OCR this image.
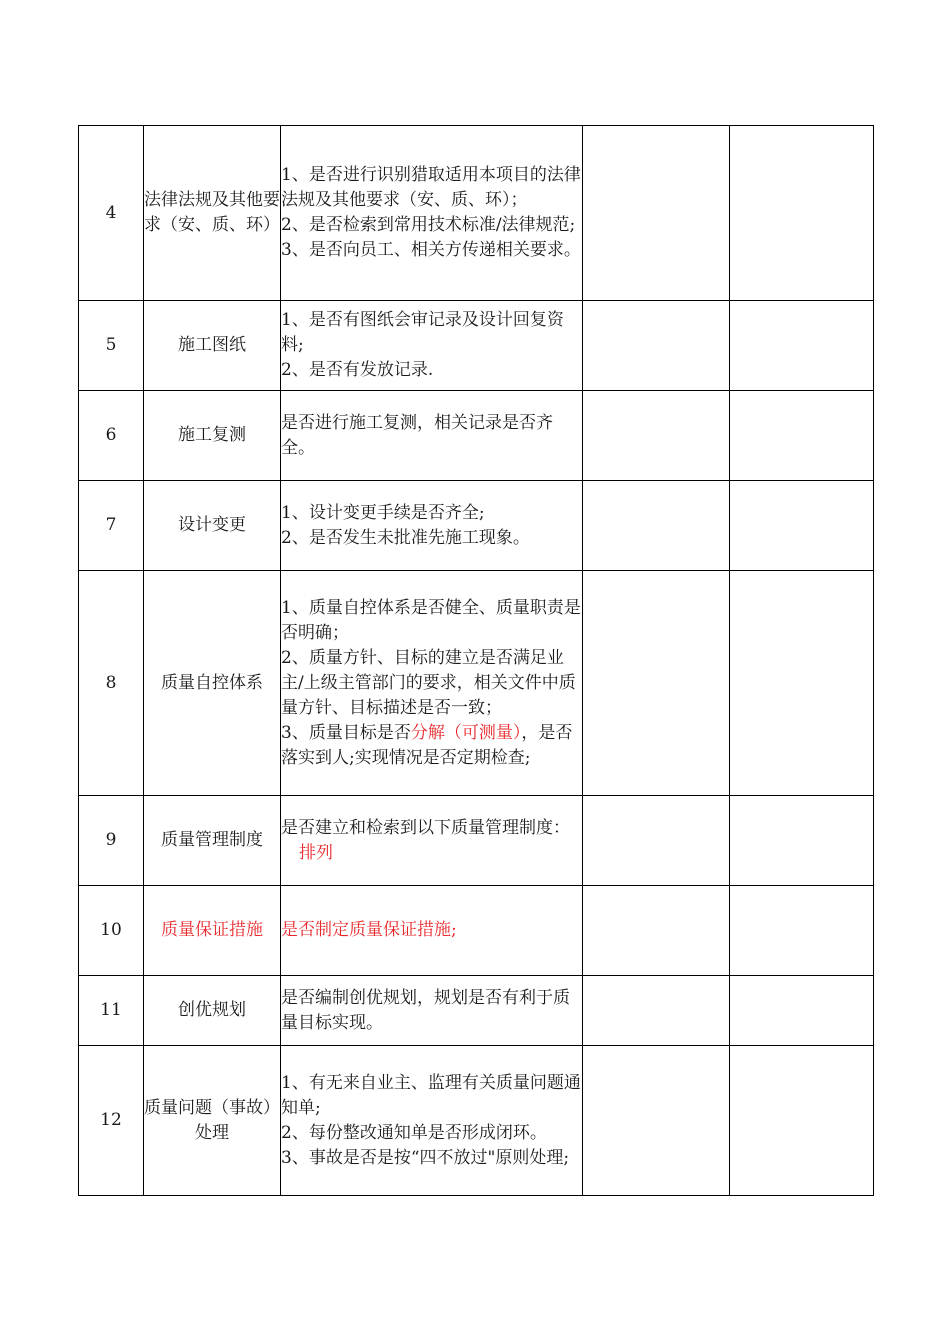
4	法律法规及其他要求（安、质、环）	1、是否进行识别猎取适用本项目的法律法规及其他要求（安、质、环）；
2、是否检索到常用技术标准/法律规范;
3、是否向员工、相关方传递相关要求。		

5	施工图纸	1、是否有图纸会审记录及设计回复资料;
2、是否有发放记录.		

6	施工复测	是否进行施工复测，相关记录是否齐全。		

7	设计变更	1、设计变更手续是否齐全;
2、是否发生未批准先施工现象。		

8	质量自控体系	1、质量自控体系是否健全、质量职责是否明确；
2、质量方针、目标的建立是否满足业主/上级主管部门的要求，相关文件中质量方针、目标描述是否一致；
3、质量目标是否分解（可测量），是否落实到人;实现情况是否定期检查;		

9	质量管理制度	是否建立和检索到以下质量管理制度：
排列		

10	质量保证措施	是否制定质量保证措施;		
11	创优规划	是否编制创优规划，规划是否有利于质量目标实现。		

12	质量问题（事故）处理	1、有无来自业主、监理有关质量问题通知单;
2、每份整改通知单是否形成闭环。
3、事故是否是按“四不放过"原则处理;		
